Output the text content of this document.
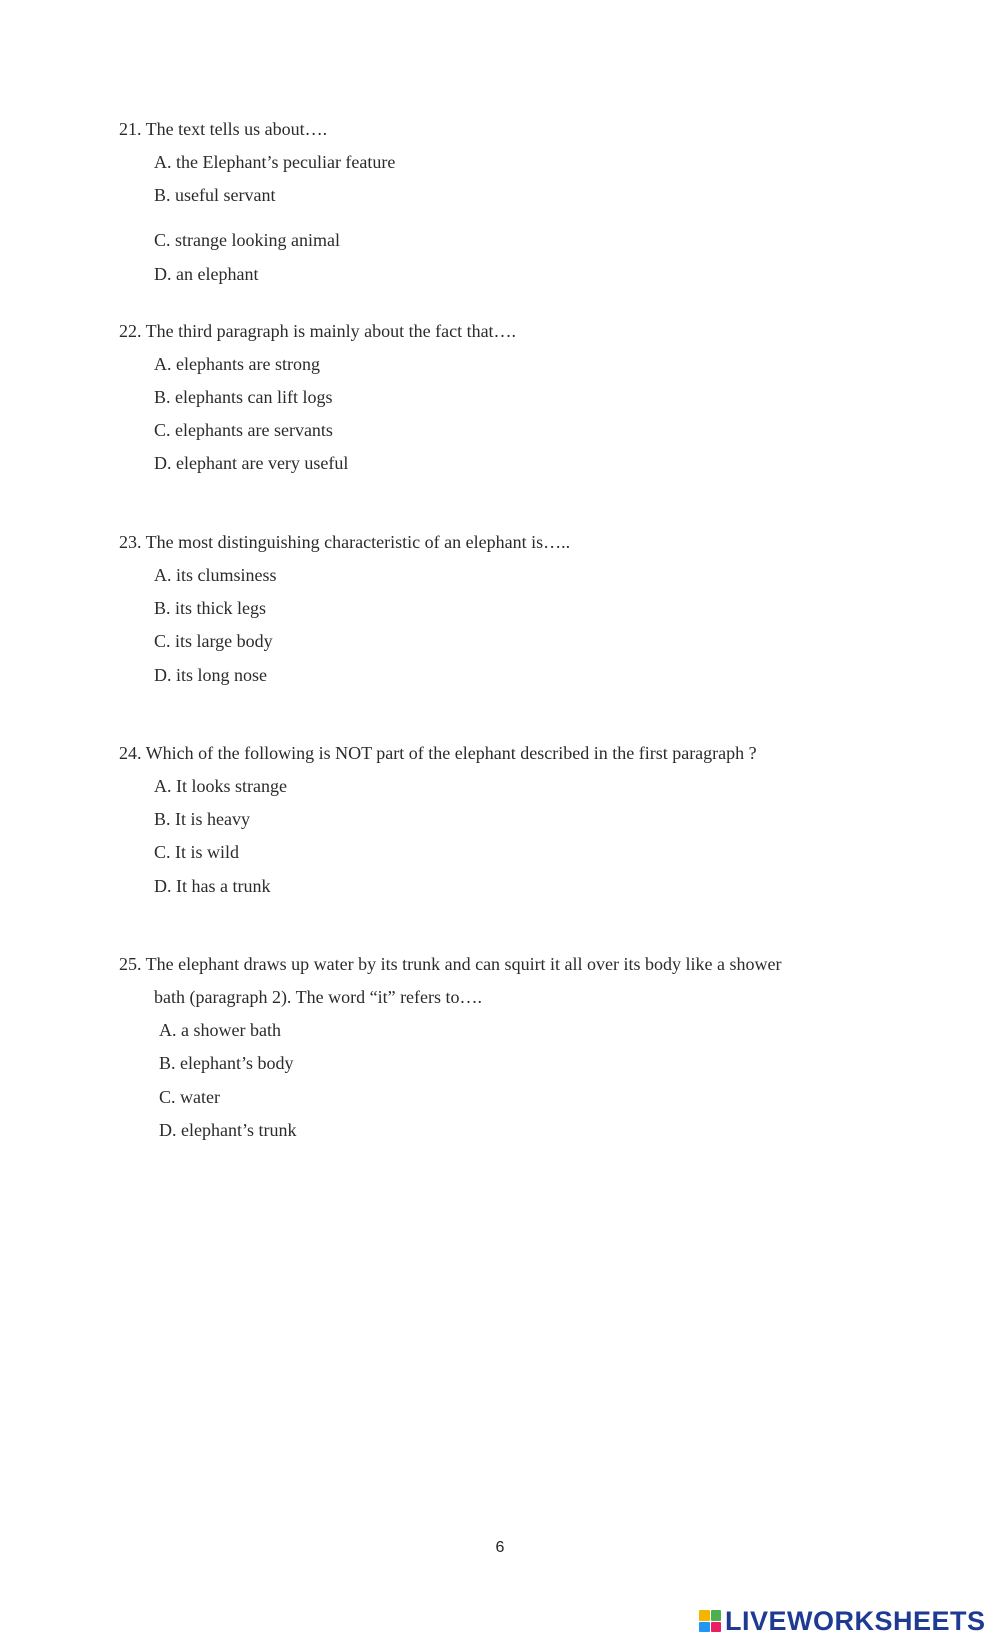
21. The text tells us about….
A. the Elephant’s peculiar feature
B. useful servant
C. strange looking animal
D. an elephant
22. The third paragraph is mainly about the fact that….
A. elephants are strong
B. elephants can lift logs
C. elephants are servants
D. elephant are very useful
23. The most distinguishing characteristic of an elephant is…..
A. its clumsiness
B. its thick legs
C. its large body
D. its long nose
24. Which of the following is NOT part of the elephant described in the first paragraph ?
A. It looks strange
B. It is heavy
C. It is wild
D. It has a trunk
25. The elephant draws up water by its trunk and can squirt it all over its body like a shower
bath (paragraph 2). The word “it” refers to….
A. a shower bath
B. elephant’s body
C. water
D. elephant’s trunk
6
LIVEWORKSHEETS
